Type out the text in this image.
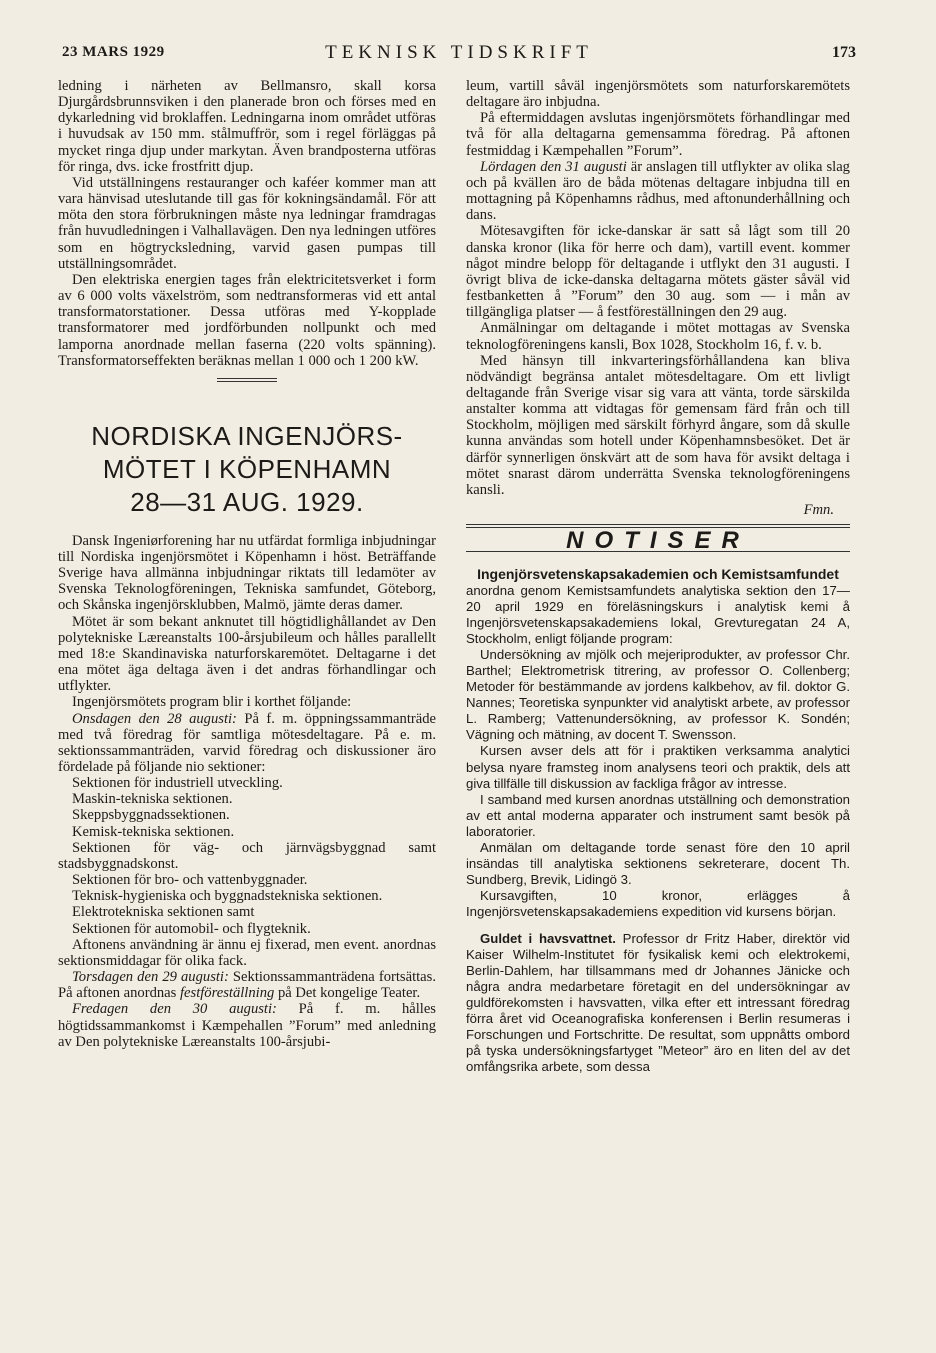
23 MARS 1929	TEKNISK TIDSKRIFT	173

ledning i närheten av Bellmansro, skall korsa Djurgårdsbrunnsviken i den planerade bron och förses med en dykarledning vid broklaffen. Ledningarna inom området utföras i huvudsak av 150 mm. stålmuffrör, som i regel förläggas på mycket ringa djup under markytan. Även brandposterna utföras för ringa, dvs. icke frostfritt djup.

Vid utställningens restauranger och kaféer kommer man att vara hänvisad uteslutande till gas för kokningsändamål. För att möta den stora förbrukningen måste nya ledningar framdragas från huvudledningen i Valhallavägen. Den nya ledningen utföres som en högtrycksledning, varvid gasen pumpas till utställningsområdet.

Den elektriska energien tages från elektricitetsverket i form av 6 000 volts växelström, som nedtransformeras vid ett antal transformatorstationer. Dessa utföras med Y-kopplade transformatorer med jordförbunden nollpunkt och med lamporna anordnade mellan faserna (220 volts spänning). Transformatorseffekten beräknas mellan 1 000 och 1 200 kW.

NORDISKA INGENJÖRS-
MÖTET I KÖPENHAMN
28—31 AUG. 1929.

Dansk Ingeniørforening har nu utfärdat formliga inbjudningar till Nordiska ingenjörsmötet i Köpenhamn i höst. Beträffande Sverige hava allmänna inbjudningar riktats till ledamöter av Svenska Teknologföreningen, Tekniska samfundet, Göteborg, och Skånska ingenjörsklubben, Malmö, jämte deras damer.

Mötet är som bekant anknutet till högtidlighållandet av Den polytekniske Læreanstalts 100-årsjubileum och hålles parallellt med 18:e Skandinaviska naturforskaremötet. Deltagarne i det ena mötet äga deltaga även i det andras förhandlingar och utflykter.

Ingenjörsmötets program blir i korthet följande:

Onsdagen den 28 augusti: På f. m. öppningssammanträde med två föredrag för samtliga mötesdeltagare. På e. m. sektionssammanträden, varvid föredrag och diskussioner äro fördelade på följande nio sektioner:

Sektionen för industriell utveckling.

Maskin-tekniska sektionen.

Skeppsbyggnadssektionen.

Kemisk-tekniska sektionen.

Sektionen för väg- och järnvägsbyggnad samt stadsbyggnadskonst.

Sektionen för bro- och vattenbyggnader.

Teknisk-hygieniska och byggnadstekniska sektionen.

Elektrotekniska sektionen samt

Sektionen för automobil- och flygteknik.

Aftonens användning är ännu ej fixerad, men event. anordnas sektionsmiddagar för olika fack.

Torsdagen den 29 augusti: Sektionssammanträdena fortsättas. På aftonen anordnas festföreställning på Det kongelige Teater.

Fredagen den 30 augusti: På f. m. hålles högtidssammankomst i Kæmpehallen ”Forum” med anledning av Den polytekniske Læreanstalts 100-årsjubi-

leum, vartill såväl ingenjörsmötets som naturforskaremötets deltagare äro inbjudna.

På eftermiddagen avslutas ingenjörsmötets förhandlingar med två för alla deltagarna gemensamma föredrag. På aftonen festmiddag i Kæmpehallen ”Forum”.

Lördagen den 31 augusti är anslagen till utflykter av olika slag och på kvällen äro de båda mötenas deltagare inbjudna till en mottagning på Köpenhamns rådhus, med aftonunderhållning och dans.

Mötesavgiften för icke-danskar är satt så lågt som till 20 danska kronor (lika för herre och dam), vartill event. kommer något mindre belopp för deltagande i utflykt den 31 augusti. I övrigt bliva de icke-danska deltagarna mötets gäster såväl vid festbanketten å ”Forum” den 30 aug. som — i mån av tillgängliga platser — å festföreställningen den 29 aug.

Anmälningar om deltagande i mötet mottagas av Svenska teknologföreningens kansli, Box 1028, Stockholm 16, f. v. b.

Med hänsyn till inkvarteringsförhållandena kan bliva nödvändigt begränsa antalet mötesdeltagare. Om ett livligt deltagande från Sverige visar sig vara att vänta, torde särskilda anstalter komma att vidtagas för gemensam färd från och till Stockholm, möjligen med särskilt förhyrd ångare, som då skulle kunna användas som hotell under Köpenhamnsbesöket. Det är därför synnerligen önskvärt att de som hava för avsikt deltaga i mötet snarast därom underrätta Svenska teknologföreningens kansli.

Fmn.
NOTISER
Ingenjörsvetenskapsakademien och Kemistsamfundet

anordna genom Kemistsamfundets analytiska sektion den 17—20 april 1929 en föreläsningskurs i analytisk kemi å Ingenjörsvetenskapsakademiens lokal, Grevturegatan 24 A, Stockholm, enligt följande program:

Undersökning av mjölk och mejeriprodukter, av professor Chr. Barthel; Elektrometrisk titrering, av professor O. Collenberg; Metoder för bestämmande av jordens kalkbehov, av fil. doktor G. Nannes; Teoretiska synpunkter vid analytiskt arbete, av professor L. Ramberg; Vattenundersökning, av professor K. Sondén; Vägning och mätning, av docent T. Swensson.

Kursen avser dels att för i praktiken verksamma analytici belysa nyare framsteg inom analysens teori och praktik, dels att giva tillfälle till diskussion av fackliga frågor av intresse.

I samband med kursen anordnas utställning och demonstration av ett antal moderna apparater och instrument samt besök på laboratorier.

Anmälan om deltagande torde senast före den 10 april insändas till analytiska sektionens sekreterare, docent Th. Sundberg, Brevik, Lidingö 3.

Kursavgiften, 10 kronor, erlägges å Ingenjörsvetenskapsakademiens expedition vid kursens början.

Guldet i havsvattnet. Professor dr Fritz Haber, direktör vid Kaiser Wilhelm-Institutet för fysikalisk kemi och elektrokemi, Berlin-Dahlem, har tillsammans med dr Johannes Jänicke och några andra medarbetare företagit en del undersökningar av guldförekomsten i havsvatten, vilka efter ett intressant föredrag förra året vid Oceanografiska konferensen i Berlin resumeras i Forschungen und Fortschritte. De resultat, som uppnåtts ombord på tyska undersökningsfartyget ”Meteor” äro en liten del av det omfångsrika arbete, som dessa
